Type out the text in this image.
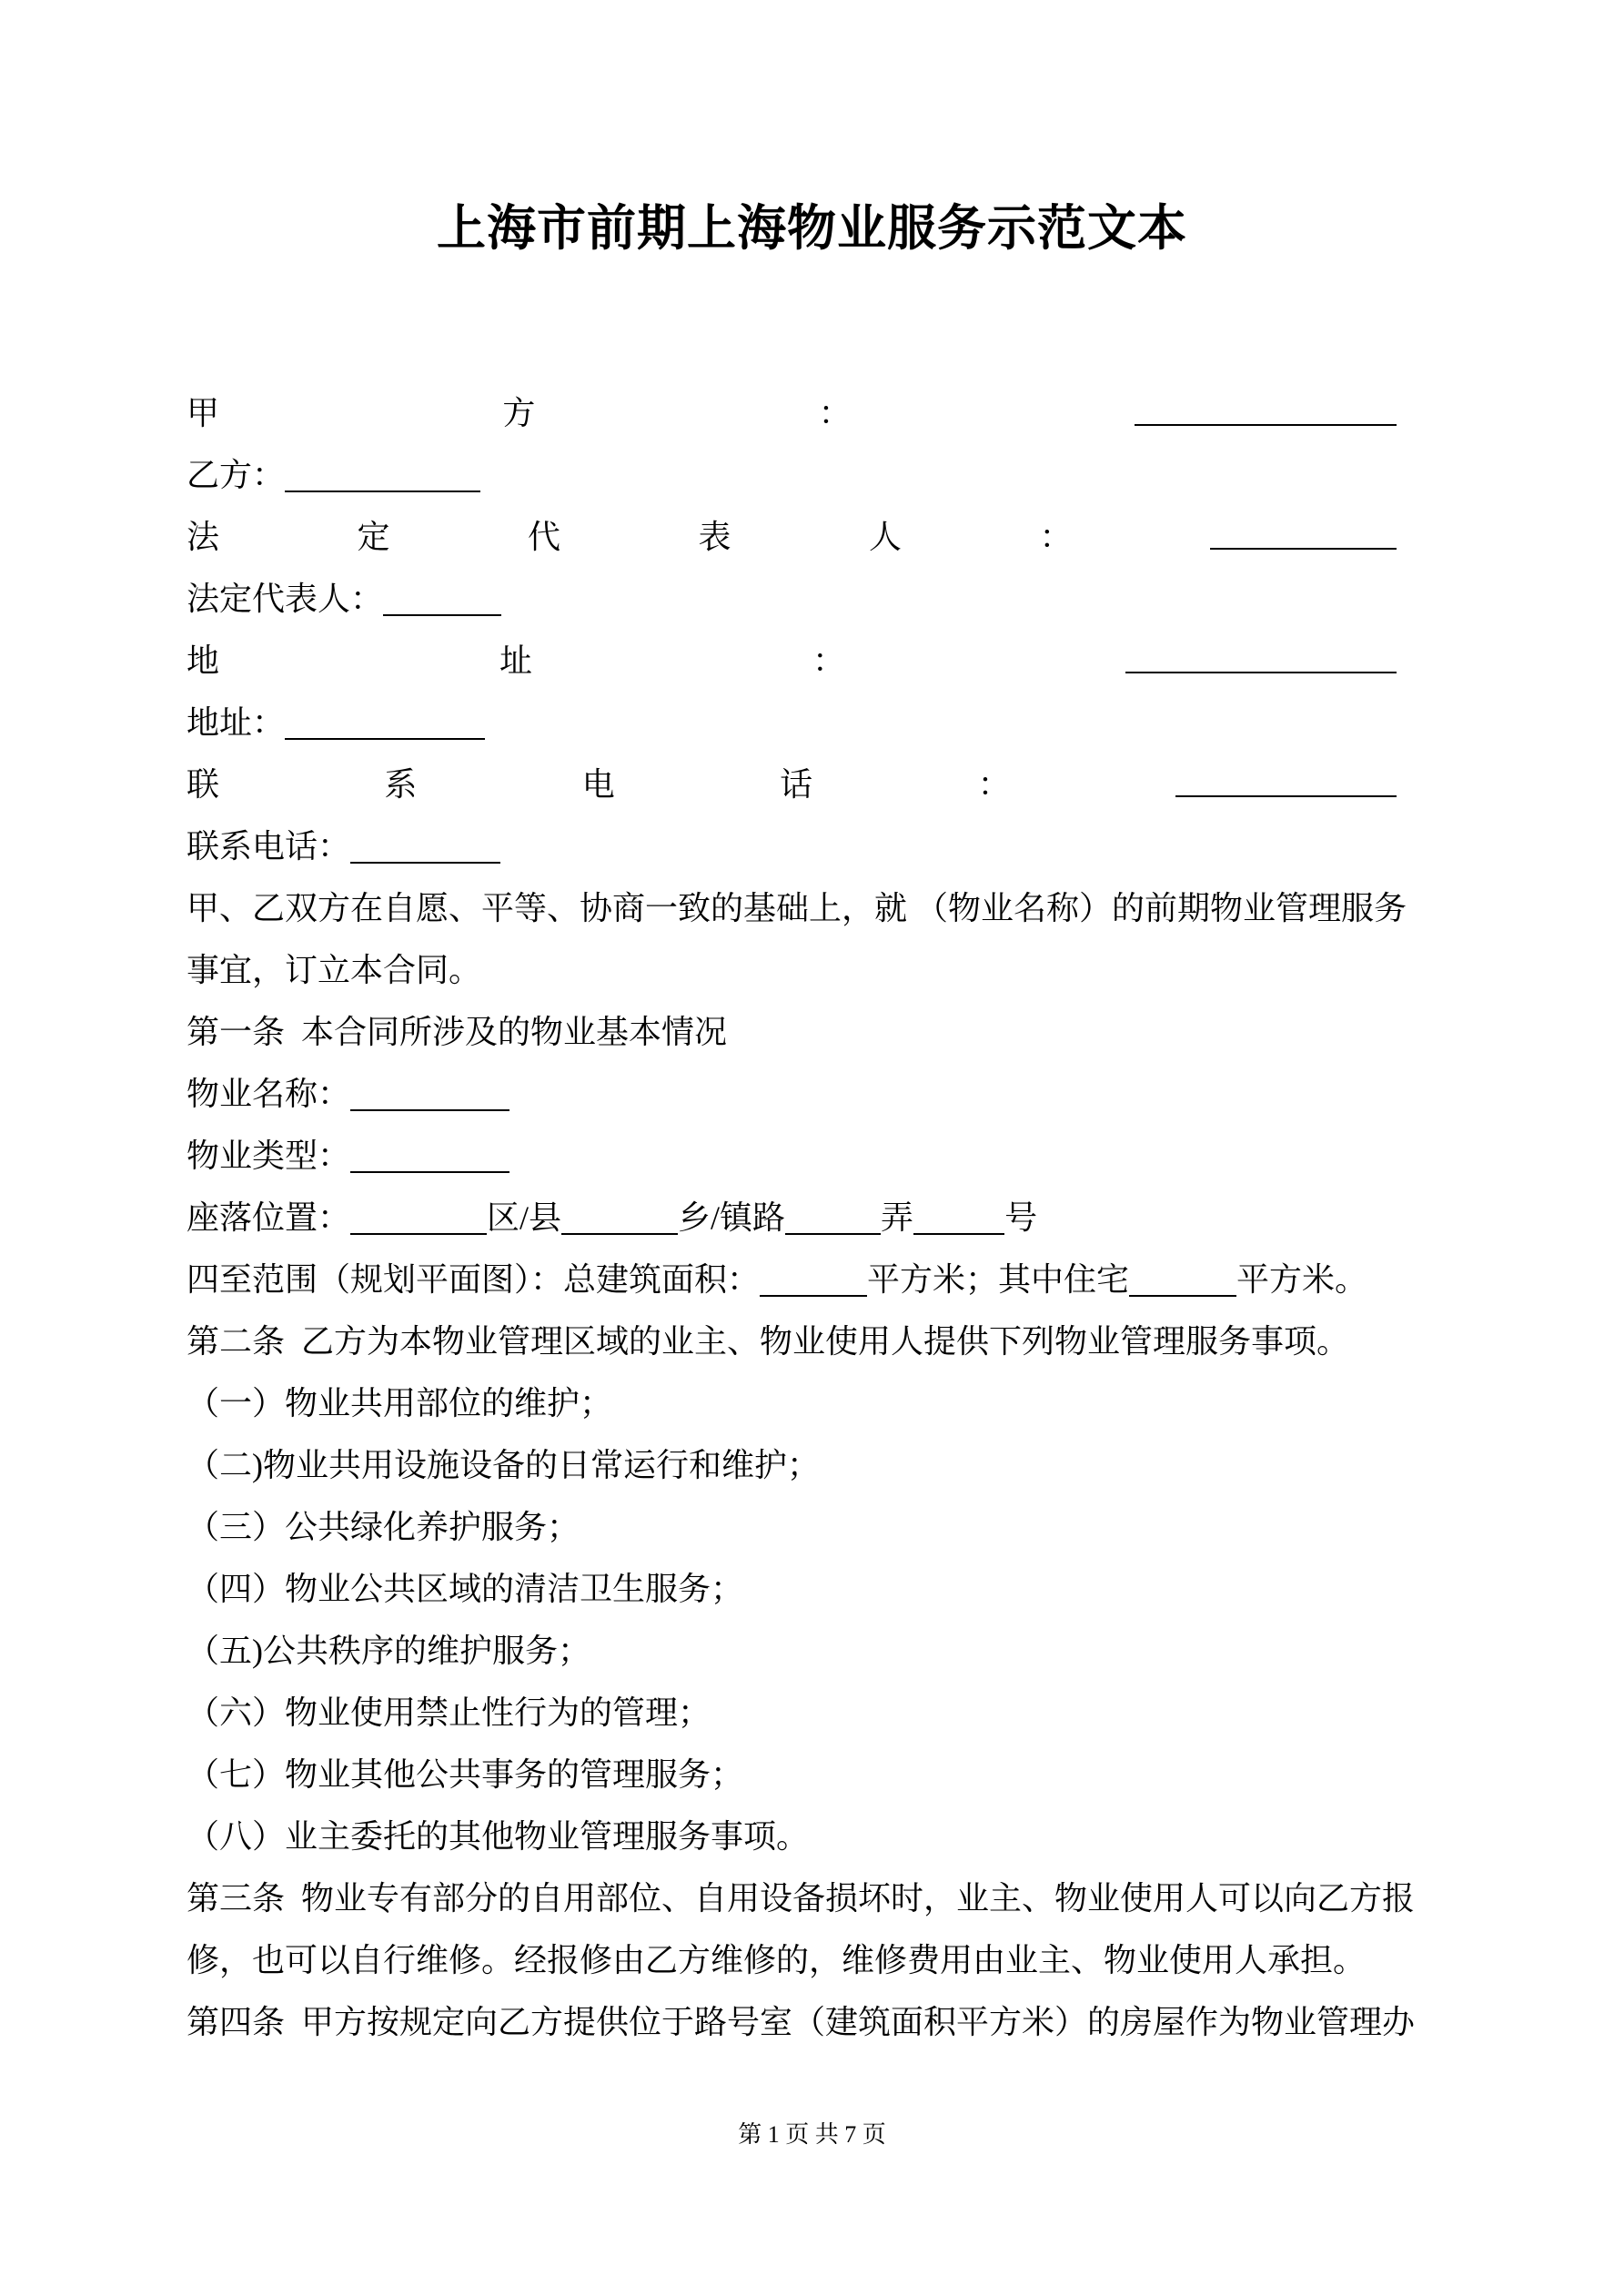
上海市前期上海物业服务示范文本
甲	方	：
乙方：
法	定	代	表	人	：
法定代表人：
地	址	：
地址：
联	系	电	话	：
联系电话：
甲、乙双方在自愿、平等、协商一致的基础上，就 （物业名称）的前期物业管理服务
事宜，订立本合同。
第一条  本合同所涉及的物业基本情况
物业名称：
物业类型：
座落位置：	区/县	乡/镇路	弄	号
四至范围（规划平面图）：总建筑面积：	平方米；其中住宅	平方米。
第二条  乙方为本物业管理区域的业主、物业使用人提供下列物业管理服务事项。
（一）物业共用部位的维护；
（二)物业共用设施设备的日常运行和维护；
（三）公共绿化养护服务；
（四）物业公共区域的清洁卫生服务；
（五)公共秩序的维护服务；
（六）物业使用禁止性行为的管理；
（七）物业其他公共事务的管理服务；
（八）业主委托的其他物业管理服务事项。
第三条  物业专有部分的自用部位、自用设备损坏时，业主、物业使用人可以向乙方报
修，也可以自行维修。经报修由乙方维修的，维修费用由业主、物业使用人承担。
第四条  甲方按规定向乙方提供位于路号室（建筑面积平方米）的房屋作为物业管理办
第 1 页 共 7 页
